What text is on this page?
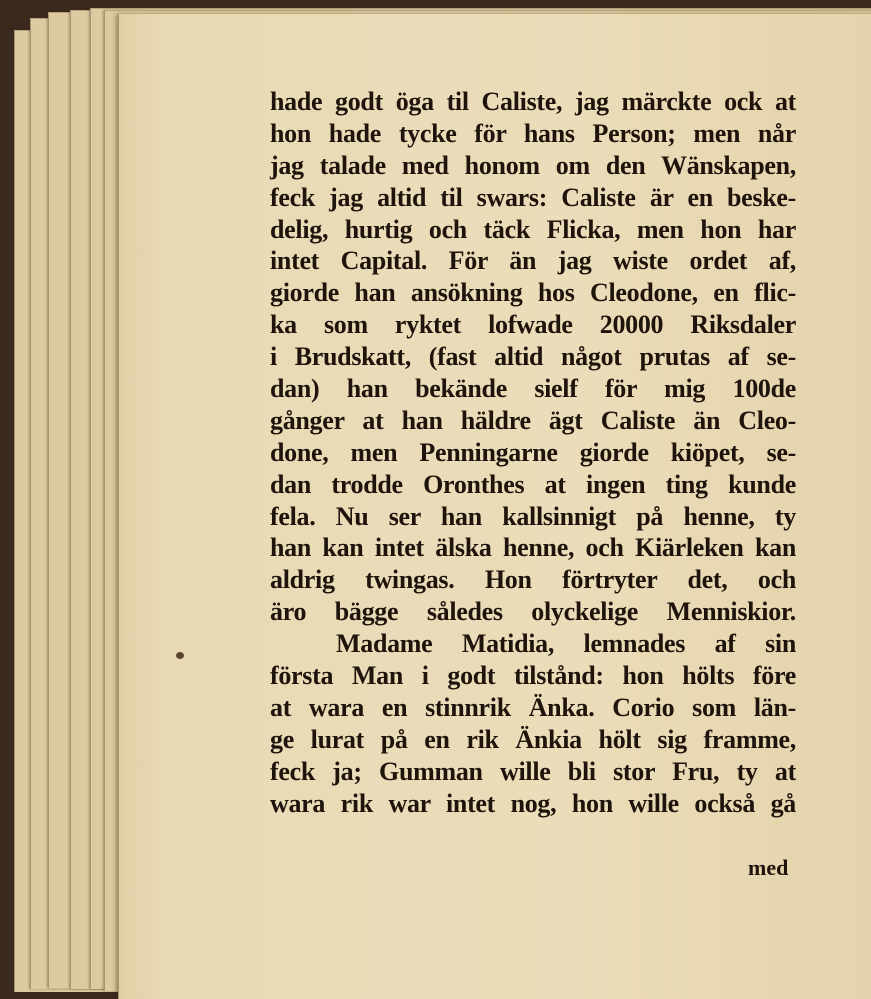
hade godt öga til Caliste, jag märckte ock at
hon hade tycke för hans Person; men når
jag talade med honom om den Wänskapen,
feck jag altid til swars: Caliste är en beske-
delig, hurtig och täck Flicka, men hon har
intet Capital. För än jag wiste ordet af,
giorde han ansökning hos Cleodone, en flic-
ka som ryktet lofwade 20000 Riksdaler
i Brudskatt, (fast altid något prutas af se-
dan) han bekände sielf för mig 100de
gånger at han häldre ägt Caliste än Cleo-
done, men Penningarne giorde kiöpet, se-
dan trodde Oronthes at ingen ting kunde
fela. Nu ser han kallsinnigt på henne, ty
han kan intet älska henne, och Kiärleken kan
aldrig twingas. Hon förtryter det, och
äro bägge således olyckelige Menniskior.
Madame Matidia, lemnades af sin
första Man i godt tilstånd: hon hölts före
at wara en stinnrik Änka. Corio som län-
ge lurat på en rik Änkia hölt sig framme,
feck ja; Gumman wille bli stor Fru, ty at
wara rik war intet nog, hon wille också gå
med
